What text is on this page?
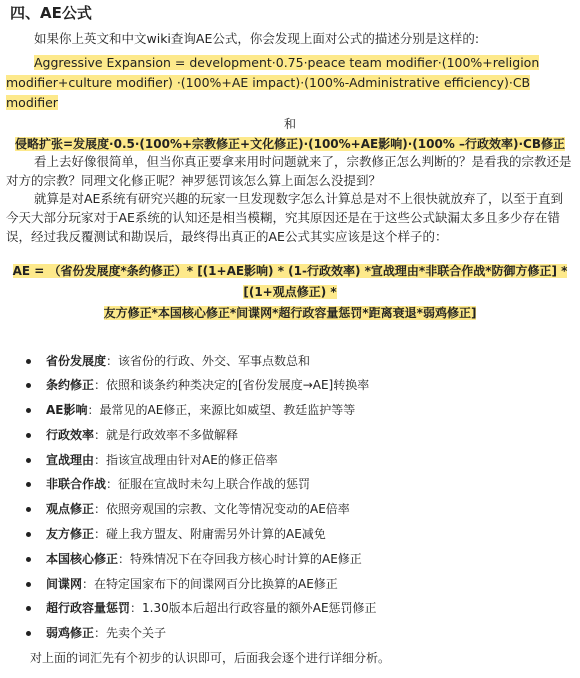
四、AE公式

如果你上英文和中文wiki查询AE公式，你会发现上面对公式的描述分别是这样的:

Aggressive Expansion = development·0.75·peace team modifier·(100%+religion modifier+culture modifier) ·(100%+AE impact)·(100%-Administrative efficiency)·CB modifier

和

侵略扩张=发展度·0.5·(100%+宗教修正+文化修正)·(100%+AE影响)·(100% –行政效率)·CB修正

看上去好像很简单，但当你真正要拿来用时问题就来了，宗教修正怎么判断的？是看我的宗教还是对方的宗教？同理文化修正呢？神罗惩罚该怎么算上面怎么没提到？

就算是对AE系统有研究兴趣的玩家一旦发现数字怎么计算总是对不上很快就放弃了，以至于直到今天大部分玩家对于AE系统的认知还是相当模糊，究其原因还是在于这些公式缺漏太多且多少存在错误，经过我反覆测试和勘误后，最终得出真正的AE公式其实应该是这个样子的：

AE = （省份发展度*条约修正）* [(1+AE影响) * (1-行政效率) *宣战理由*非联合作战*防御方修正] * [(1+观点修正) *
友方修正*本国核心修正*间谍网*超行政容量惩罚*距离衰退*弱鸡修正]
省份发展度：该省份的行政、外交、军事点数总和
条约修正：依照和谈条约种类决定的[省份发展度→AE]转换率
AE影响：最常见的AE修正，来源比如威望、教廷监护等等
行政效率：就是行政效率不多做解释
宣战理由：指该宣战理由针对AE的修正倍率
非联合作战：征服在宣战时未勾上联合作战的惩罚
观点修正：依照旁观国的宗教、文化等情况变动的AE倍率
友方修正：碰上我方盟友、附庸需另外计算的AE减免
本国核心修正：特殊情况下在夺回我方核心时计算的AE修正
间谍网：在特定国家布下的间谍网百分比换算的AE修正
超行政容量惩罚：1.30版本后超出行政容量的额外AE惩罚修正
弱鸡修正：先卖个关子

对上面的词汇先有个初步的认识即可，后面我会逐个进行详细分析。
